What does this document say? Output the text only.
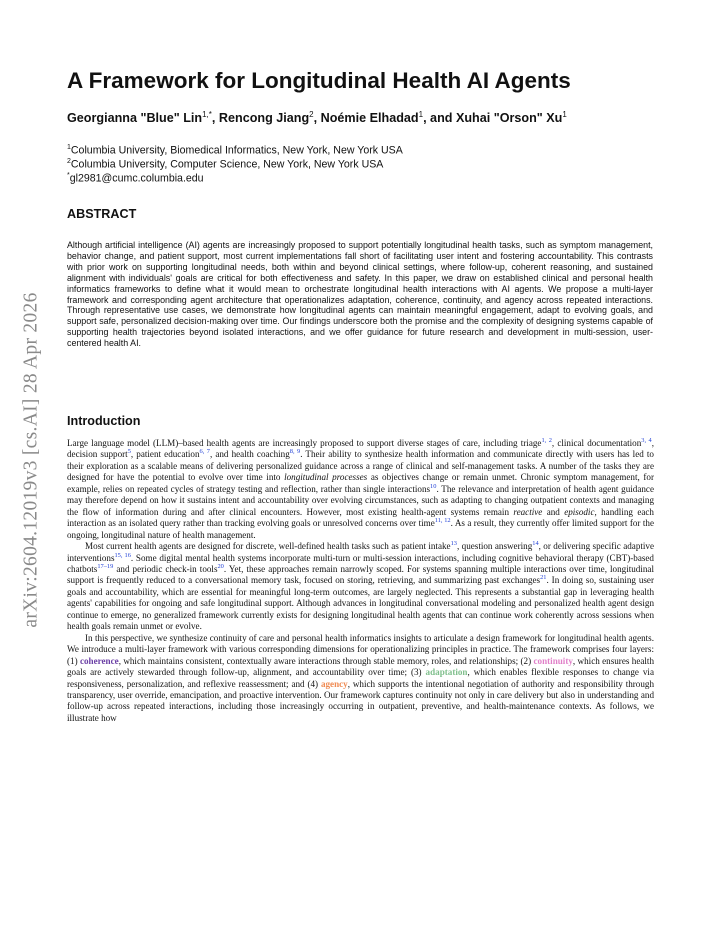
arXiv:2604.12019v3 [cs.AI] 28 Apr 2026
A Framework for Longitudinal Health AI Agents
Georgianna "Blue" Lin$^{1,*}$, Rencong Jiang$^2$, Noémie Elhadad$^1$, and Xuhai "Orson" Xu$^1$
$^1$Columbia University, Biomedical Informatics, New York, New York USA
$^2$Columbia University, Computer Science, New York, New York USA
*gl2981@cumc.columbia.edu
ABSTRACT

Although artificial intelligence (AI) agents are increasingly proposed to support potentially longitudinal health tasks, such as symptom management, behavior change, and patient support, most current implementations fall short of facilitating user intent and fostering accountability. This contrasts with prior work on supporting longitudinal needs, both within and beyond clinical settings, where follow-up, coherent reasoning, and sustained alignment with individuals' goals are critical for both effectiveness and safety. In this paper, we draw on established clinical and personal health informatics frameworks to define what it would mean to orchestrate longitudinal health interactions with AI agents. We propose a multi-layer framework and corresponding agent architecture that operationalizes adaptation, coherence, continuity, and agency across repeated interactions. Through representative use cases, we demonstrate how longitudinal agents can maintain meaningful engagement, adapt to evolving goals, and support safe, personalized decision-making over time. Our findings underscore both the promise and the complexity of designing systems capable of supporting health trajectories beyond isolated interactions, and we offer guidance for future research and development in multi-session, user-centered health AI.

Introduction

Large language model (LLM)–based health agents are increasingly proposed to support diverse stages of care, including triage$^{1, 2}$, clinical documentation$^{3, 4}$, decision support$^5$, patient education$^{6, 7}$, and health coaching$^{8, 9}$. Their ability to synthesize health information and communicate directly with users has led to their exploration as a scalable means of delivering personalized guidance across a range of clinical and self-management tasks. A number of the tasks they are designed for have the potential to evolve over time into longitudinal processes as objectives change or remain unmet. Chronic symptom management, for example, relies on repeated cycles of strategy testing and reflection, rather than single interactions$^{10}$. The relevance and interpretation of health agent guidance may therefore depend on how it sustains intent and accountability over evolving circumstances, such as adapting to changing outpatient contexts and managing the flow of information during and after clinical encounters. However, most existing health-agent systems remain reactive and episodic, handling each interaction as an isolated query rather than tracking evolving goals or unresolved concerns over time$^{11, 12}$. As a result, they currently offer limited support for the ongoing, longitudinal nature of health management.

Most current health agents are designed for discrete, well-defined health tasks such as patient intake$^{13}$, question answering$^{14}$, or delivering specific adaptive interventions$^{15, 16}$. Some digital mental health systems incorporate multi-turn or multi-session interactions, including cognitive behavioral therapy (CBT)-based chatbots$^{17-19}$ and periodic check-in tools$^{20}$. Yet, these approaches remain narrowly scoped. For systems spanning multiple interactions over time, longitudinal support is frequently reduced to a conversational memory task, focused on storing, retrieving, and summarizing past exchanges$^{21}$. In doing so, sustaining user goals and accountability, which are essential for meaningful long-term outcomes, are largely neglected. This represents a substantial gap in leveraging health agents' capabilities for ongoing and safe longitudinal support. Although advances in longitudinal conversational modeling and personalized health agent design continue to emerge, no generalized framework currently exists for designing longitudinal health agents that can continue work coherently across sessions when health goals remain unmet or evolve.

In this perspective, we synthesize continuity of care and personal health informatics insights to articulate a design framework for longitudinal health agents. We introduce a multi-layer framework with various corresponding dimensions for operationalizing principles in practice. The framework comprises four layers: (1) coherence, which maintains consistent, contextually aware interactions through stable memory, roles, and relationships; (2) continuity, which ensures health goals are actively stewarded through follow-up, alignment, and accountability over time; (3) adaptation, which enables flexible responses to change via responsiveness, personalization, and reflexive reassessment; and (4) agency, which supports the intentional negotiation of authority and responsibility through transparency, user override, emancipation, and proactive intervention. Our framework captures continuity not only in care delivery but also in understanding and follow-up across repeated interactions, including those increasingly occurring in outpatient, preventive, and health-maintenance contexts. As follows, we illustrate how
